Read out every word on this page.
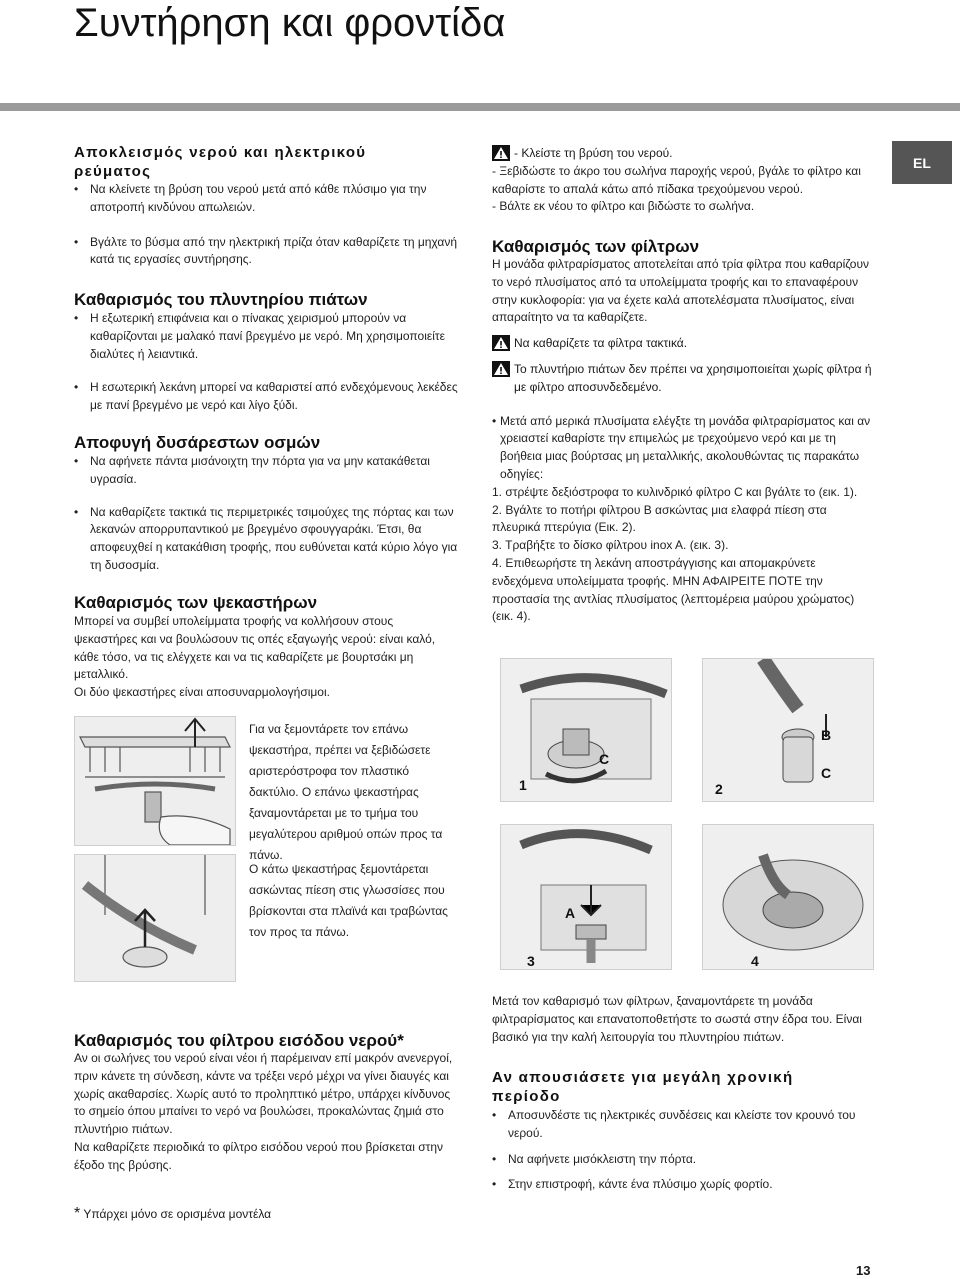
Συντήρηση και φροντίδα
EL
Αποκλεισμός νερού και ηλεκτρικού
ρεύματος

• Να κλείνετε τη βρύση του νερού μετά από κάθε πλύσιμο για την αποτροπή κινδύνου απωλειών.

• Βγάλτε το βύσμα από την ηλεκτρική πρίζα όταν καθαρίζετε τη μηχανή κατά τις εργασίες συντήρησης.

Καθαρισμός του πλυντηρίου πιάτων

• Η εξωτερική επιφάνεια και ο πίνακας χειρισμού μπορούν να καθαρίζονται με μαλακό πανί βρεγμένο με νερό. Μη χρησιμοποιείτε διαλύτες ή λειαντικά.

• Η εσωτερική λεκάνη μπορεί να καθαριστεί από ενδεχόμενους λεκέδες με πανί βρεγμένο με νερό και λίγο ξύδι.

Αποφυγή δυσάρεστων οσμών

• Να αφήνετε πάντα μισάνοιχτη την πόρτα για να μην κατακάθεται υγρασία.

• Να καθαρίζετε τακτικά τις περιμετρικές τσιμούχες της πόρτας και των λεκανών απορρυπαντικού με βρεγμένο σφουγγαράκι. Έτσι, θα αποφευχθεί η κατακάθιση τροφής, που ευθύνεται κατά κύριο λόγο για τη δυσοσμία.

Καθαρισμός των ψεκαστήρων

Μπορεί να συμβεί υπολείμματα τροφής να κολλήσουν στους ψεκαστήρες και να βουλώσουν τις οπές εξαγωγής νερού: είναι καλό, κάθε τόσο, να τις ελέγχετε και να τις καθαρίζετε με βουρτσάκι μη μεταλλικό.

Οι δύο ψεκαστήρες είναι αποσυναρμολογήσιμοι.

Για να ξεμοντάρετε τον επάνω ψεκαστήρα, πρέπει να ξεβιδώσετε αριστερόστροφα τον πλαστικό δακτύλιο. Ο επάνω ψεκαστήρας ξαναμοντάρεται με το τμήμα του μεγαλύτερου αριθμού οπών προς τα πάνω.
Ο κάτω ψεκαστήρας ξεμοντάρεται ασκώντας πίεση στις γλωσσίσες που βρίσκονται στα πλαϊνά και τραβώντας τον προς τα πάνω.
Καθαρισμός του φίλτρου εισόδου νερού*

Αν οι σωλήνες του νερού είναι νέοι ή παρέμειναν επί μακρόν ανενεργοί, πριν κάνετε τη σύνδεση, κάντε να τρέξει νερό μέχρι να γίνει διαυγές και χωρίς ακαθαρσίες. Χωρίς αυτό το προληπτικό μέτρο, υπάρχει κίνδυνος το σημείο όπου μπαίνει το νερό να βουλώσει, προκαλώντας ζημιά στο πλυντήριο πιάτων.

Να καθαρίζετε περιοδικά το φίλτρο εισόδου νερού που βρίσκεται στην έξοδο της βρύσης.

* Υπάρχει μόνο σε ορισμένα μοντέλα
- Κλείστε τη βρύση του νερού.

- Ξεβιδώστε το άκρο του σωλήνα παροχής νερού, βγάλε το φίλτρο και καθαρίστε το απαλά κάτω από πίδακα τρεχούμενου νερού.

- Βάλτε εκ νέου το φίλτρο και βιδώστε το σωλήνα.

Καθαρισμός των φίλτρων

Η μονάδα φιλτραρίσματος αποτελείται από τρία φίλτρα που καθαρίζουν το νερό πλυσίματος από τα υπολείμματα τροφής και το επαναφέρουν στην κυκλοφορία: για να έχετε καλά αποτελέσματα πλυσίματος, είναι απαραίτητο να τα καθαρίζετε.

Να καθαρίζετε τα φίλτρα τακτικά.
Το πλυντήριο πιάτων δεν πρέπει να χρησιμοποιείται χωρίς φίλτρα ή με φίλτρο αποσυνδεδεμένο.

• Μετά από μερικά πλυσίματα ελέγξτε τη μονάδα φιλτραρίσματος και αν χρειαστεί καθαρίστε την επιμελώς με τρεχούμενο νερό και με τη βοήθεια μιας βούρτσας μη μεταλλικής, ακολουθώντας τις παρακάτω οδηγίες:

1. στρέψτε δεξιόστροφα το κυλινδρικό φίλτρο C και βγάλτε το (εικ. 1).

2. Βγάλτε το ποτήρι φίλτρου B ασκώντας μια ελαφρά πίεση στα πλευρικά πτερύγια (Εικ. 2).

3. Τραβήξτε το δίσκο φίλτρου inox A. (εικ. 3).

4. Επιθεωρήστε τη λεκάνη αποστράγγισης και απομακρύνετε ενδεχόμενα υπολείμματα τροφής. ΜΗΝ ΑΦΑΙΡΕΙΤΕ ΠΟΤΕ την προστασία της αντλίας πλυσίματος (λεπτομέρεια μαύρου χρώματος) (εικ. 4).

1
C
2
B
C
3
A
4

Μετά τον καθαρισμό των φίλτρων, ξαναμοντάρετε τη μονάδα φιλτραρίσματος και επανατοποθετήστε το σωστά στην έδρα του. Είναι βασικό για την καλή λειτουργία του πλυντηρίου πιάτων.

Αν απουσιάσετε για μεγάλη χρονική
περίοδο

• Αποσυνδέστε τις ηλεκτρικές συνδέσεις και κλείστε τον κρουνό του νερού.

• Να αφήνετε μισόκλειστη την πόρτα.

• Στην επιστροφή, κάντε ένα πλύσιμο χωρίς φορτίο.

13
